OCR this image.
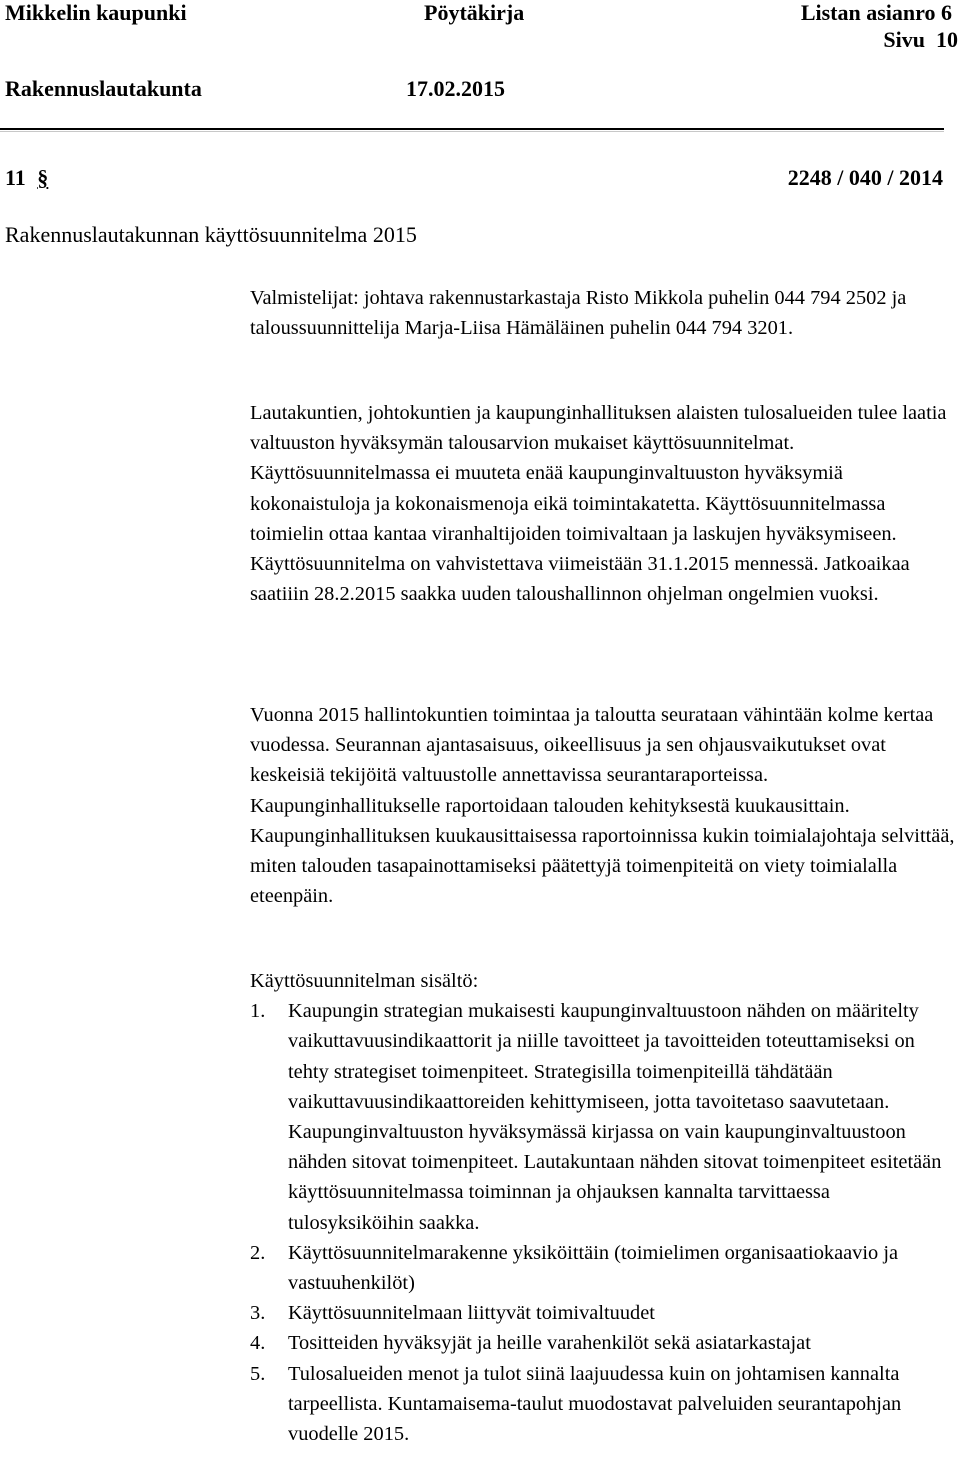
Mikkelin kaupunki	Pöytäkirja	Listan asianro 6
Sivu  10
Rakennuslautakunta	17.02.2015
11 §	2248 / 040 / 2014
Rakennuslautakunnan käyttösuunnitelma 2015

Valmistelijat: johtava rakennustarkastaja Risto Mikkola puhelin 044 794 2502 ja taloussuunnittelija Marja-Liisa Hämäläinen puhelin 044 794 3201.

Lautakuntien, johtokuntien ja kaupunginhallituksen alaisten tulosalueiden tulee laatia valtuuston hyväksymän talousarvion mukaiset käyttösuunnitelmat. Käyttösuunnitelmassa ei muuteta enää kaupunginvaltuuston hyväksymiä kokonaistuloja ja kokonaismenoja eikä toimintakatetta. Käyttösuunnitelmassa toimielin ottaa kantaa viranhaltijoiden toimivaltaan ja laskujen hyväksymiseen. Käyttösuunnitelma on vahvistettava viimeistään 31.1.2015 mennessä. Jatkoaikaa saatiiin 28.2.2015 saakka uuden taloushallinnon ohjelman ongelmien vuoksi.

Vuonna 2015 hallintokuntien toimintaa ja taloutta seurataan vähintään kolme kertaa vuodessa. Seurannan ajantasaisuus, oikeellisuus ja sen ohjausvaikutukset ovat keskeisiä tekijöitä valtuustolle annettavissa seurantaraporteissa. Kaupunginhallitukselle raportoidaan talouden kehityksestä kuukausittain. Kaupunginhallituksen kuukausittaisessa raportoinnissa kukin toimialajohtaja selvittää, miten talouden tasapainottamiseksi päätettyjä toimenpiteitä on viety toimialalla eteenpäin.

Käyttösuunnitelman sisältö:

1. Kaupungin strategian mukaisesti kaupunginvaltuustoon nähden on määritelty vaikuttavuusindikaattorit ja niille tavoitteet ja tavoitteiden toteuttamiseksi on tehty strategiset toimenpiteet. Strategisilla toimenpiteillä tähdätään vaikuttavuusindikaattoreiden kehittymiseen, jotta tavoitetaso saavutetaan. Kaupunginvaltuuston hyväksymässä kirjassa on vain kaupunginvaltuustoon nähden sitovat toimenpiteet. Lautakuntaan nähden sitovat toimenpiteet esitetään käyttösuunnitelmassa toiminnan ja ohjauksen kannalta tarvittaessa tulosyksiköihin saakka.
2. Käyttösuunnitelmarakenne yksiköittäin (toimielimen organisaatiokaavio ja vastuuhenkilöt)
3. Käyttösuunnitelmaan liittyvät toimivaltuudet
4. Tositteiden hyväksyjät ja heille varahenkilöt sekä asiatarkastajat
5. Tulosalueiden menot ja tulot siinä laajuudessa kuin on johtamisen kannalta tarpeellista. Kuntamaisema-taulut muodostavat palveluiden seurantapohjan vuodelle 2015.
